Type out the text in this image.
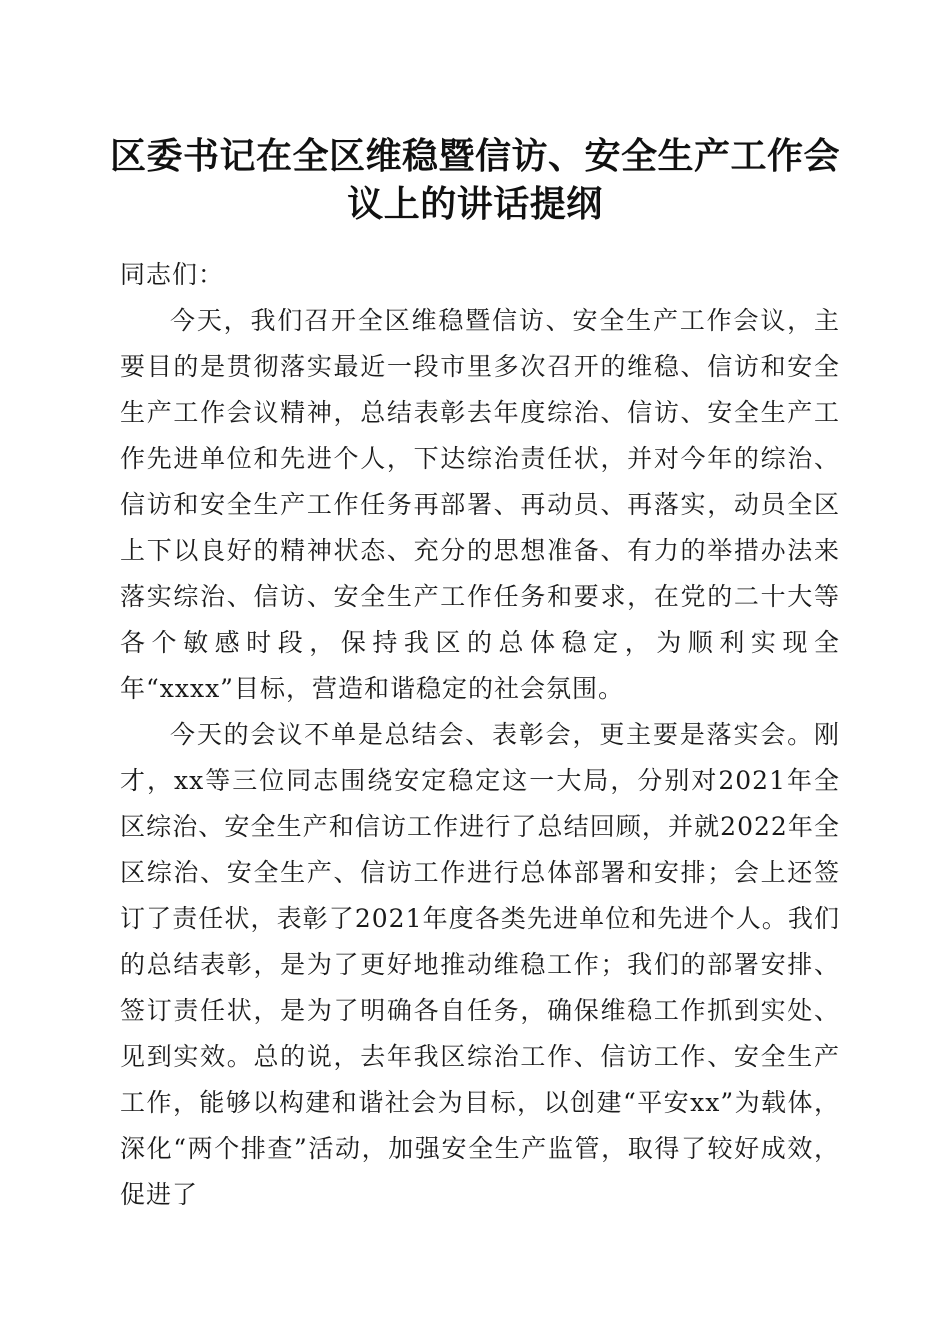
区委书记在全区维稳暨信访、安全生产工作会
议上的讲话提纲

同志们：

今天，我们召开全区维稳暨信访、安全生产工作会议，主要目的是贯彻落实最近一段市里多次召开的维稳、信访和安全生产工作会议精神，总结表彰去年度综治、信访、安全生产工作先进单位和先进个人，下达综治责任状，并对今年的综治、信访和安全生产工作任务再部署、再动员、再落实，动员全区上下以良好的精神状态、充分的思想准备、有力的举措办法来落实综治、信访、安全生产工作任务和要求，在党的二十大等各个敏感时段，保持我区的总体稳定，为顺利实现全年“xxxx”目标，营造和谐稳定的社会氛围。

今天的会议不单是总结会、表彰会，更主要是落实会。刚才，xx等三位同志围绕安定稳定这一大局，分别对2021年全区综治、安全生产和信访工作进行了总结回顾，并就2022年全区综治、安全生产、信访工作进行总体部署和安排；会上还签订了责任状，表彰了2021年度各类先进单位和先进个人。我们的总结表彰，是为了更好地推动维稳工作；我们的部署安排、签订责任状，是为了明确各自任务，确保维稳工作抓到实处、见到实效。总的说，去年我区综治工作、信访工作、安全生产工作，能够以构建和谐社会为目标，以创建“平安xx”为载体，深化“两个排查”活动，加强安全生产监管，取得了较好成效，促进了
